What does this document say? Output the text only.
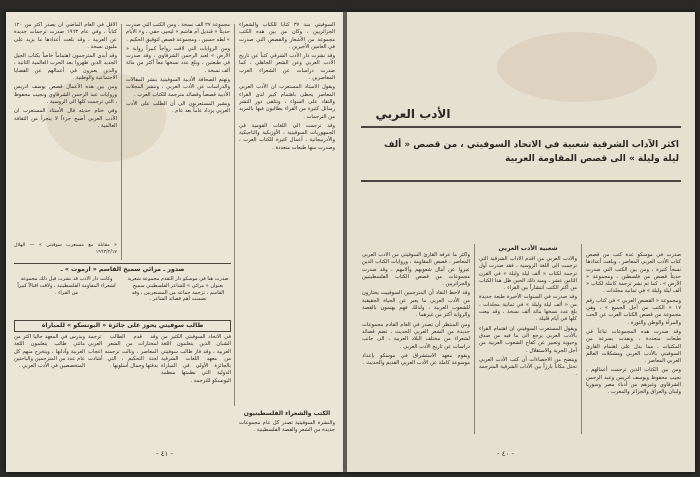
السوفيتي منذ ٣٧ كتاباً للكتاب والشعراء الجزائريين ، وكان من بين هذه الكتب مجموعة من الأشعار والقصص التي صدرت في العامين الأخيرين .

وقد نشرت دار الأدب الشرقي كتباً عن تاريخ الأدب العربي وعن الشعر الجاهلي ، كما صدرت دراسات عن الشعراء العرب المعاصرين .

ويقول الاستاذ المستعرب ان الأدب العربي المعاصر يحظى باهتمام كبير لدى القراء والنقاد على السواء ، وتتلقى دور النشر رسائل كثيرة من القراء يطالبون فيها بالمزيد من الترجمات .

وقد ترجمت الى اللغات القومية في الجمهوريات السوفيتية ، الأوزبكية والتاجيكية والأذربيجانية ، أعمال كثيرة للكتاب العرب ، وصدرت منها طبعات متعددة .

مجموعة ٢٧ ألف نسخة ، ومن الكتب التي صدرت حديثاً « قنديل أم هاشم » ليحيى حقي ، و« الأيام » لطه حسين ، ومجموعة قصص لتوفيق الحكيم .

ومن الروايات التي لاقت رواجاً كبيراً رواية « الأرض » لعبد الرحمن الشرقاوي ، وقد صدرت في طبعتين ، وبلغ عدد نسخها معاً أكثر من مائة ألف نسخة .

وتهتم الصحافة الأدبية السوفيتية بنشر المقالات والدراسات عن الأدب العربي ، وتنشر المجلات الأدبية قصصاً وقصائد مترجمة للكتاب العرب .

ويشير المستعربون الى أن الطلب على الأدب العربي يزداد عاماً بعد عام .

الأقل في العام الماضي أن يصدر أكثر من ١٢٠ كتاباً ، وفي عام ١٩٦٣ صدرت ترجمات جديدة عن العربية ، وقد بلغت أعدادها ما يزيد على مليون نسخة .

وقد أبدى المترجمون اهتماماً خاصاً بكتاب الجيل الجديد الذين ظهروا بعد الحرب العالمية الثانية ، والذين يعبرون في أعمالهم عن القضايا الاجتماعية والوطنية .

ومن بين هذه الأعمال قصص يوسف ادريس وروايات عبد الرحمن الشرقاوي ونجيب محفوظ ، التي ترجمت كلها الى الروسية .

وفي ختام حديثه قال الأستاذ المستعرب ان الأدب العربي أصبح جزءاً لا يتجزأ من الثقافة العالمية .

« مقابلة مع مستعرب سوفيتي » — الهلال ١٩٦٣/٢/١٧

صدور ـ مرائي سميح القاسم « ارموت » ـ

صدرت هنا في موسكو دار التقدم مجموعة شعرية بعنوان « مرائي » للشاعر الفلسطيني سميح القاسم ، ترجمة جماعة من المستعربين ، وقد تضمنت أهم قصائد الشاعر .

وكانت دار الأدب قد نشرت قبل ذلك مجموعة لشعراء المقاومة الفلسطينية ، ولاقت اقبالاً كبيراً من القراء .

طالب سوفيتي يحوز على جائزة « اليونسكو » للمباراة

في الاتحاد السوفيتي الكثير من الشبان الذين يتعلمون اللغة العربية ، وقد فاز طالب سوفيتي من معهد اللغات الشرقية بالجائزة الأولى في المباراة الدولية التي نظمتها منظمة اليونسكو للترجمة .

وقد قدم الطالب ترجمة لمختارات من الشعر العربي المعاصر ، ونالت ترجمته اعجاب لجنة التحكيم ، التي أشادت بدقتها وجمال أسلوبها .

ويدرس في المعهد حالياً أكثر من مائتي طالب يتعلمون اللغة العربية وآدابها ، ويتخرج منهم كل عام عدد من المترجمين والباحثين المتخصصين في الأدب العربي .

الكتب والشعراء الفلسطينيون

والنشرة السوفيتية تصدر كل عام مجموعات جديدة من الشعر والقصة الفلسطينية .

- ٤١ -
الأدب العربي
اكثر الآداب الشرقية شعبية في الاتحاد السوفيتي ، من قصص « ألف ليلة وليلة » الى قصص المقاومة العربية

صدرت في موسكو عدة كتب من قصص كتاب الأدب العربي المعاصر ، وبلغت أعدادها نسخاً كثيرة ، ومن بين الكتب التي صدرت حديثاً قصص من فلسطين ، ومجموعة « الأرض » ، كما تم نشر ترجمة كاملة لكتاب « ألف ليلة وليلة » في ثمانية مجلدات .

ومجموعة « القصص العربي » في كتاب رقم ١٧ « الكتب من أجل الجميع » ، وهي مجموعة من قصص الكتاب العرب عن الحب والمرأة والوطن والثورة .

وقد صدرت هذه المجموعات تباعاً في طبعات متعددة ، ونفدت بسرعة من المكتبات ، مما يدل على اهتمام القارئ السوفيتي بالأدب العربي ومشكلات العالم العربي المعاصر .

ومن بين الكتاب الذين ترجمت أعمالهم ، نجيب محفوظ ويوسف ادريس وعبد الرحمن الشرقاوي وغيرهم من أدباء مصر وسوريا ولبنان والعراق والجزائر والمغرب .

شعبية الأدب العربي

والأدب العربي من أقدم الآداب الشرقية التي ترجمت الى اللغة الروسية ، فقد صدرت أول ترجمة لكتاب « ألف ليلة وليلة » في القرن الثامن عشر ، ومنذ ذلك الحين ظل هذا الكتاب من أكثر الكتب انتشاراً بين القراء .

وقد صدرت في السنوات الأخيرة طبعة جديدة من « ألف ليلة وليلة » في ثمانية مجلدات ، بلغ عدد نسخها مائة ألف نسخة ، وقد بيعت كلها في أيام قليلة .

ويقول المستعرب السوفيتي ان اهتمام القراء بالأدب العربي يرجع الى ما فيه من صدق وحيوية وتعبير عن كفاح الشعوب العربية من أجل الحرية والاستقلال .

ويتضح من الاحصاءات أن كتب الأدب العربي تحتل مكاناً بارزاً بين الآداب الشرقية المترجمة .

واكثر ما عرفه القارئ السوفيتي من الأدب العربي المعاصر ، قصص المقاومة ، وروايات الكتاب الذين عبروا عن آمال شعوبهم وآلامهم ، وقد صدرت مجموعات من قصص الكتاب الفلسطينيين والجزائريين .

وقد لاحظ النقاد أن المترجمين السوفييت يختارون من الأدب العربي ما يعبر عن الحياة الحقيقية للشعوب العربية ، ولذلك فهم يهتمون بالقصة والرواية أكثر من غيرهما .

ومن المنتظر أن تصدر في العام القادم مجموعات جديدة من الشعر العربي الحديث ، تضم قصائد لشعراء من مختلف البلاد العربية ، الى جانب دراسات عن تاريخ الأدب العربي .

ويقوم معهد الاستشراق في موسكو بإعداد موسوعة كاملة عن الأدب العربي القديم والحديث .

- ٤٠ -
